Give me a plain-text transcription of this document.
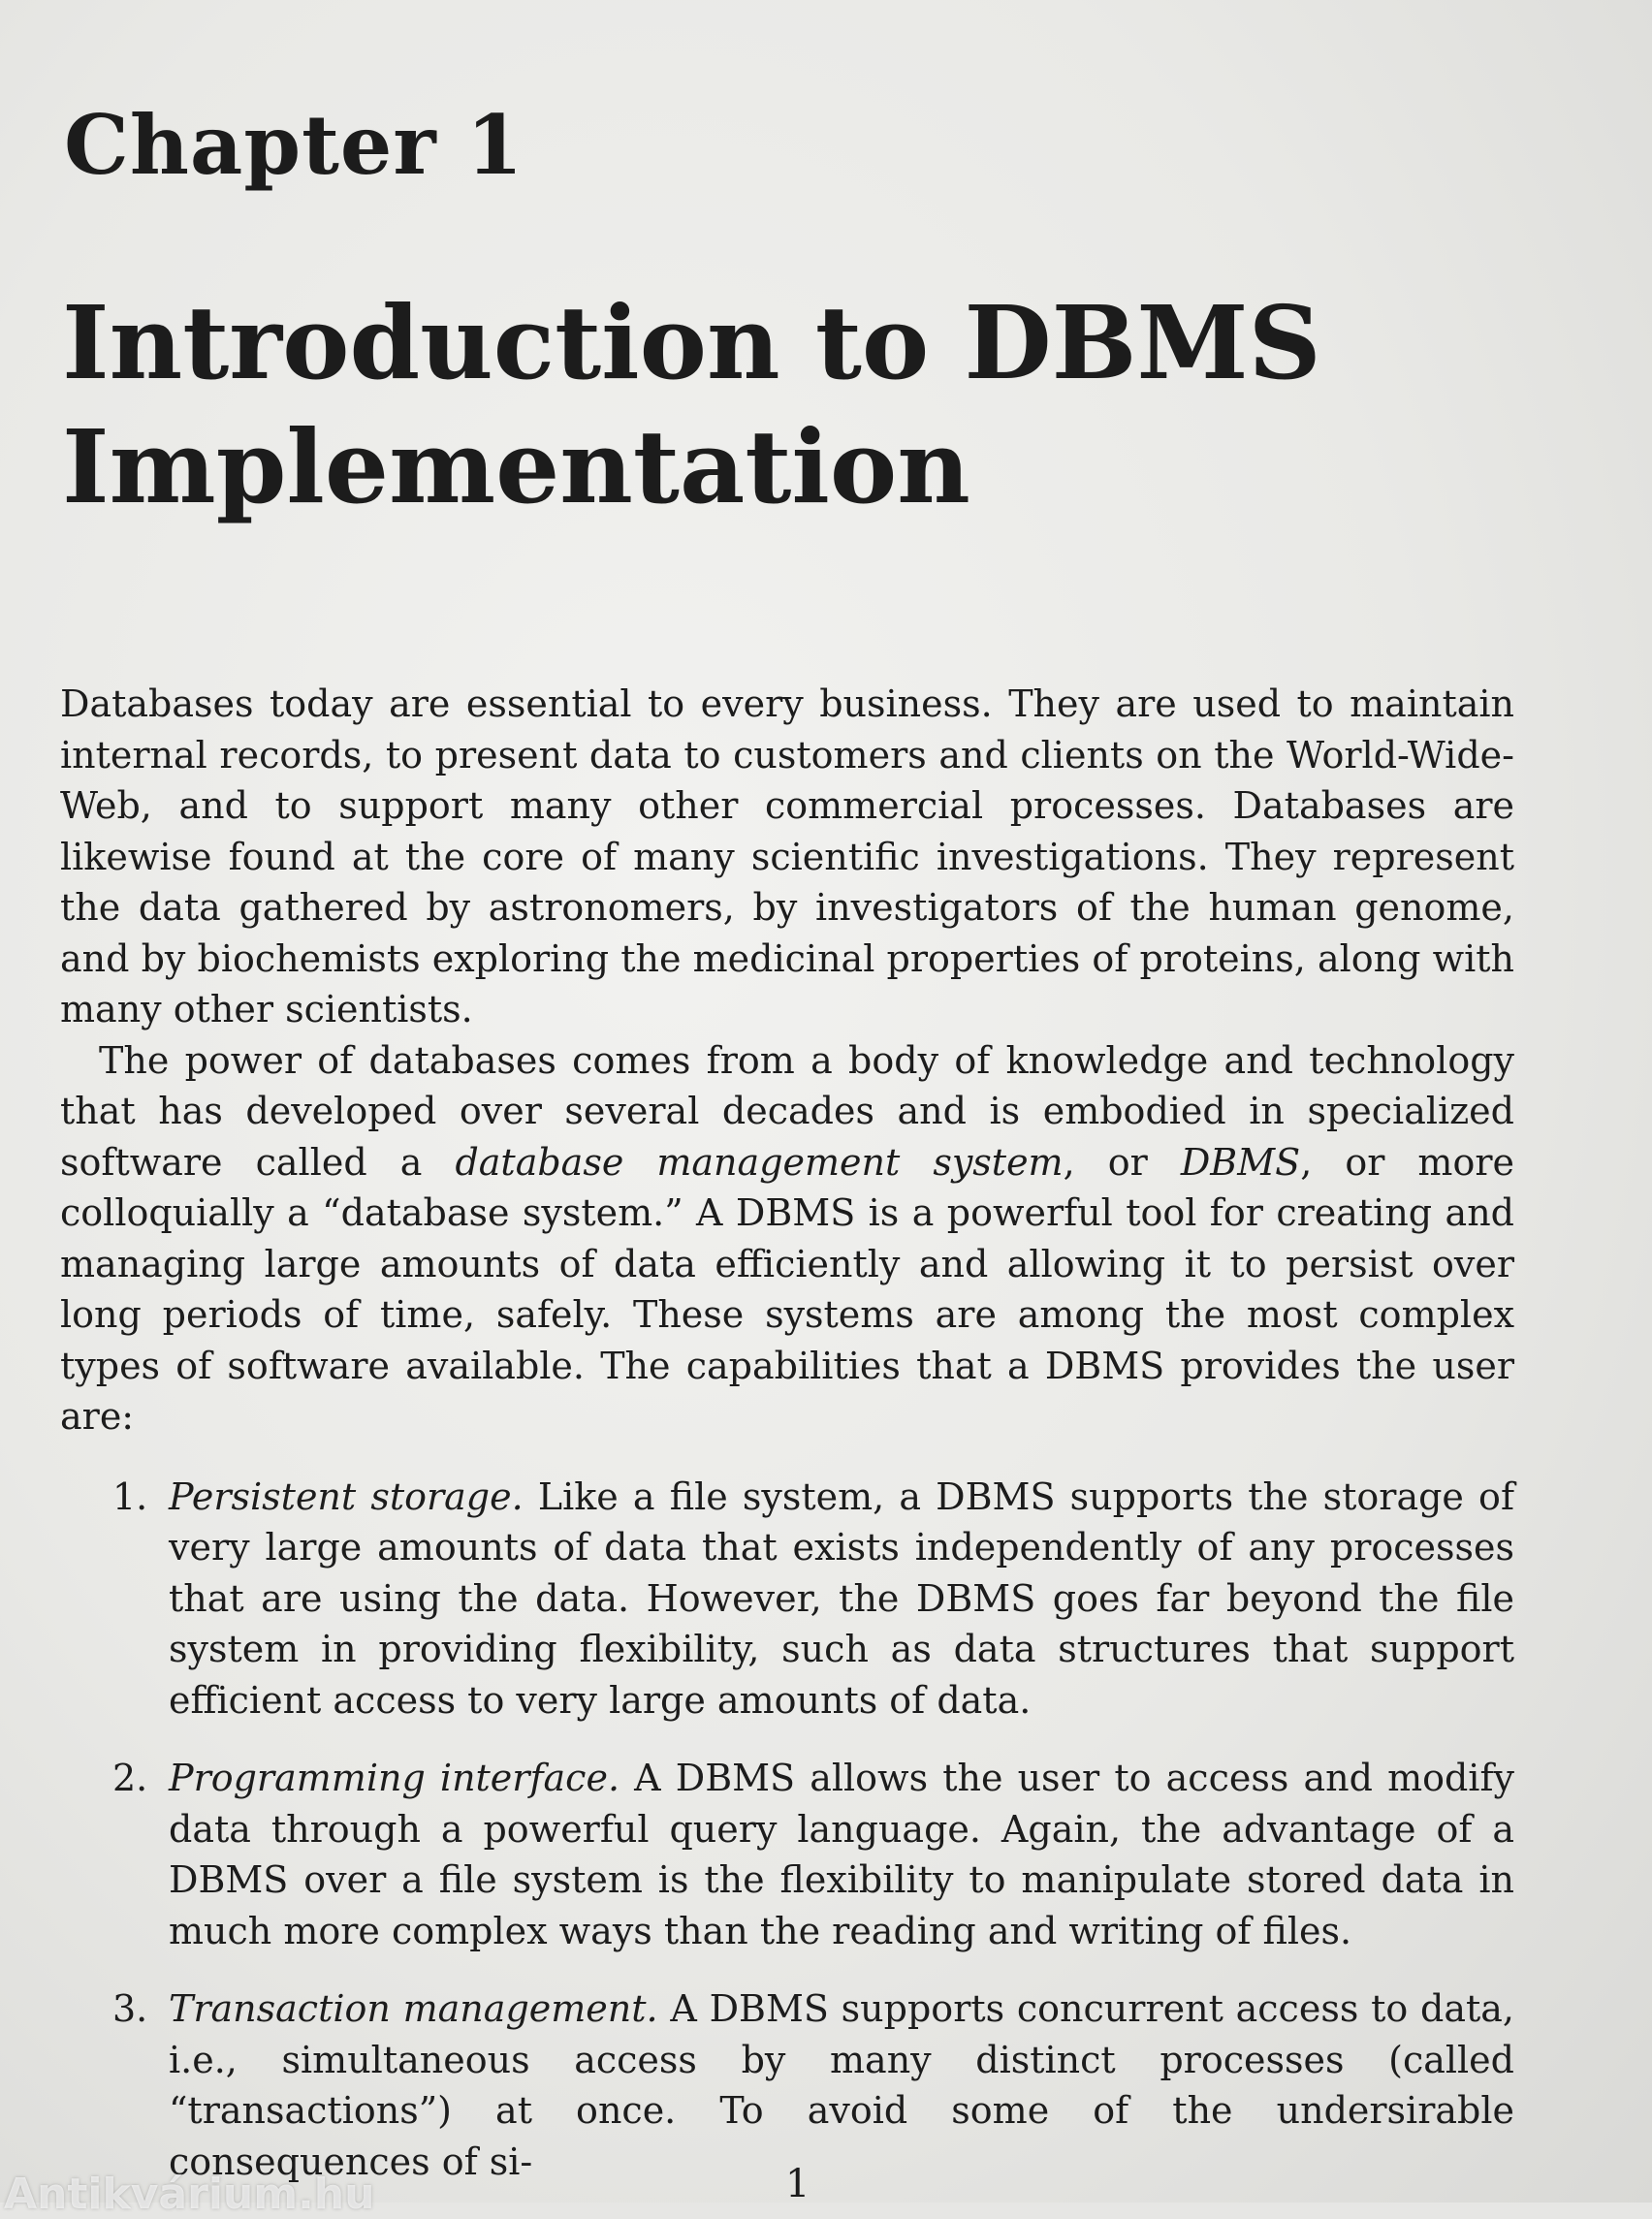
Chapter 1
Introduction to DBMS
Implementation

Databases today are essential to every business. They are used to maintain internal records, to present data to customers and clients on the World-Wide-Web, and to support many other commercial processes. Databases are likewise found at the core of many scientific investigations. They represent the data gathered by astronomers, by investigators of the human genome, and by biochemists exploring the medicinal properties of proteins, along with many other scientists.

The power of databases comes from a body of knowledge and technology that has developed over several decades and is embodied in specialized software called a database management system, or DBMS, or more colloquially a “database system.” A DBMS is a powerful tool for creating and managing large amounts of data efficiently and allowing it to persist over long periods of time, safely. These systems are among the most complex types of software available. The capabilities that a DBMS provides the user are:

1. Persistent storage. Like a file system, a DBMS supports the storage of very large amounts of data that exists independently of any processes that are using the data. However, the DBMS goes far beyond the file system in providing flexibility, such as data structures that support efficient access to very large amounts of data.
2. Programming interface. A DBMS allows the user to access and modify data through a powerful query language. Again, the advantage of a DBMS over a file system is the flexibility to manipulate stored data in much more complex ways than the reading and writing of files.
3. Transaction management. A DBMS supports concurrent access to data, i.e., simultaneous access by many distinct processes (called “transactions”) at once. To avoid some of the undersirable consequences of si-
1
Antikvárium.hu
